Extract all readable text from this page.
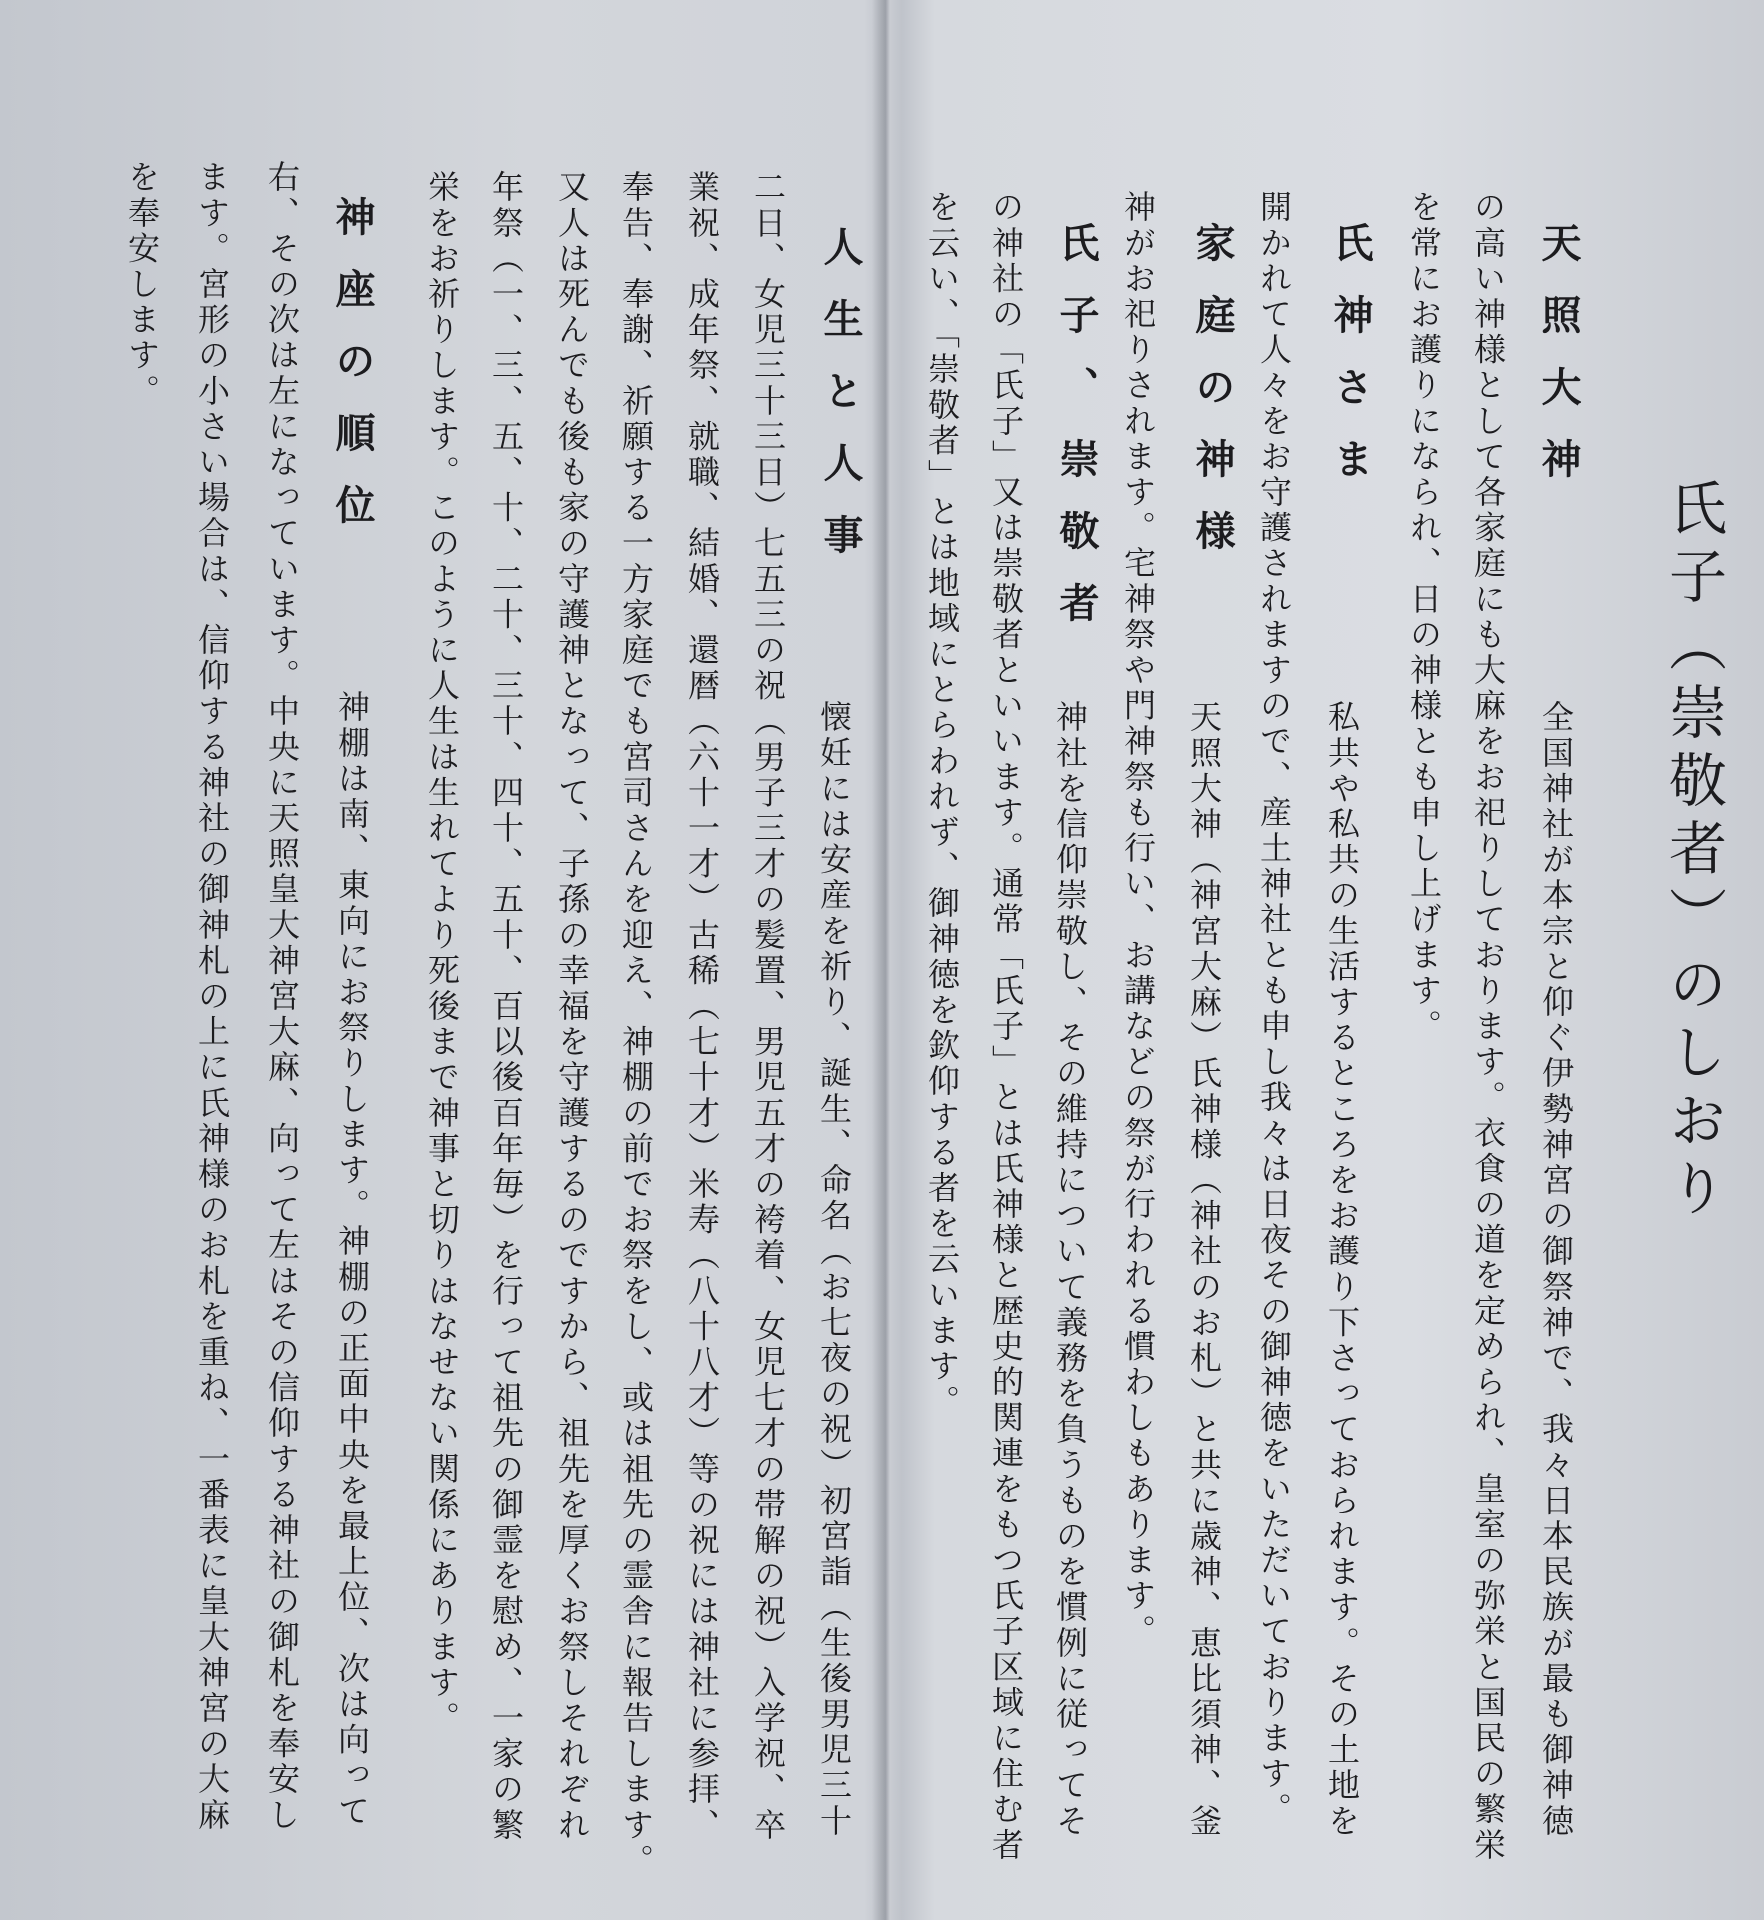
氏子（崇敬者）のしおり
天照大神
全国神社が本宗と仰ぐ伊勢神宮の御祭神で、我々日本民族が最も御神徳
の高い神様として各家庭にも大麻をお祀りしております。衣食の道を定められ、皇室の弥栄と国民の繁栄
を常にお護りになられ、日の神様とも申し上げます。
氏神さま
私共や私共の生活するところをお護り下さっておられます。その土地を
開かれて人々をお守護されますので、産土神社とも申し我々は日夜その御神徳をいただいております。
家庭の神様
天照大神（神宮大麻）氏神様（神社のお札）と共に歳神、恵比須神、釜
神がお祀りされます。宅神祭や門神祭も行い、お講などの祭が行われる慣わしもあります。
氏子、崇敬者
神社を信仰崇敬し、その維持について義務を負うものを慣例に従ってそ
の神社の「氏子」又は崇敬者といいます。通常「氏子」とは氏神様と歴史的関連をもつ氏子区域に住む者
を云い、「崇敬者」とは地域にとらわれず、御神徳を欽仰する者を云います。
人生と人事
懐妊には安産を祈り、誕生、命名（お七夜の祝）初宮詣（生後男児三十
二日、女児三十三日）七五三の祝（男子三才の髪置、男児五才の袴着、女児七才の帯解の祝）入学祝、卒
業祝、成年祭、就職、結婚、還暦（六十一才）古稀（七十才）米寿（八十八才）等の祝には神社に参拝、
奉告、奉謝、祈願する一方家庭でも宮司さんを迎え、神棚の前でお祭をし、或は祖先の霊舎に報告します。
又人は死んでも後も家の守護神となって、子孫の幸福を守護するのですから、祖先を厚くお祭しそれぞれ
年祭（一、三、五、十、二十、三十、四十、五十、百以後百年毎）を行って祖先の御霊を慰め、一家の繁
栄をお祈りします。このように人生は生れてより死後まで神事と切りはなせない関係にあります。
神座の順位
神棚は南、東向にお祭りします。神棚の正面中央を最上位、次は向って
右、その次は左になっています。中央に天照皇大神宮大麻、向って左はその信仰する神社の御札を奉安し
ます。宮形の小さい場合は、信仰する神社の御神札の上に氏神様のお札を重ね、一番表に皇大神宮の大麻
を奉安します。
